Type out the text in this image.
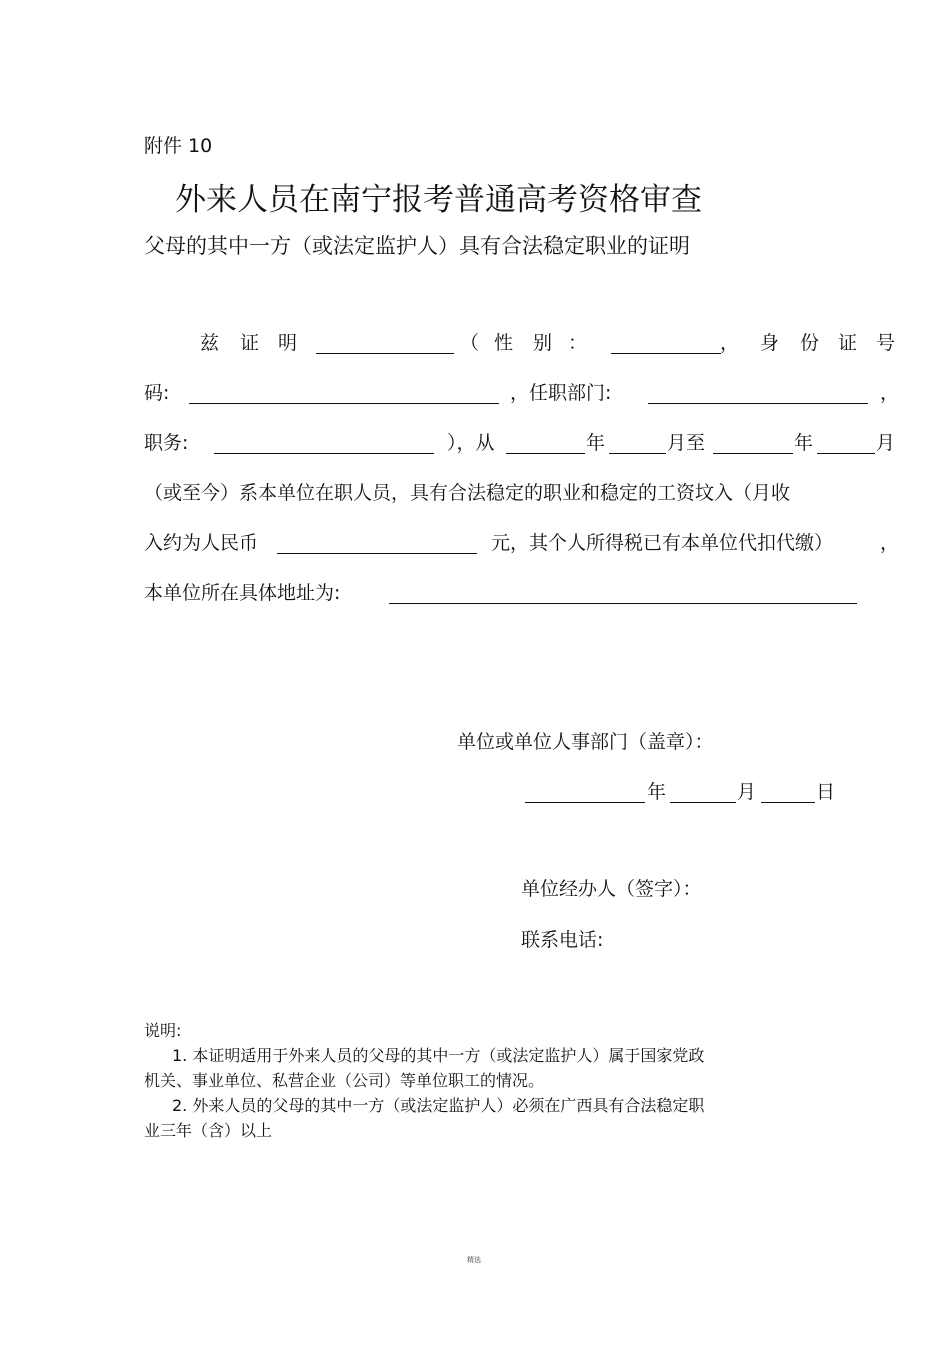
附件 10
外来人员在南宁报考普通高考资格审查
父母的其中一方（或法定监护人）具有合法稳定职业的证明
兹 证 明	（ 性 别 ：	， 身 份 证 号
码:	，任职部门:	，
职务:	），从	年	月至	年	月
（或至今）系本单位在职人员，具有合法稳定的职业和稳定的工资坟入（月收
入约为人民币	元，其个人所得税已有本单位代扣代缴） ，
本单位所在具体地址为:
单位或单位人事部门（盖章）：
年	月	日
单位经办人（签字）：
联系电话:
说明:
1. 本证明适用于外来人员的父母的其中一方（或法定监护人）属于国家党政
机关、事业单位、私营企业（公司）等单位职工的情况。
2. 外来人员的父母的其中一方（或法定监护人）必须在广西具有合法稳定职
业三年（含）以上
精选
